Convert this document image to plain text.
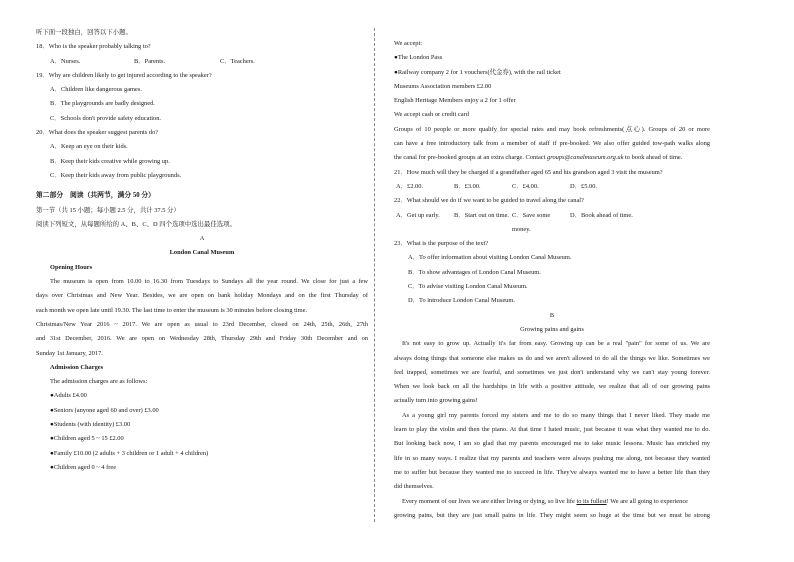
听下面一段独白，回答以下小题。
18．Who is the speaker probably talking to?
A．Nurses.	B．Parents.	C．Teachers.
19．Why are children likely to get injured according to the speaker?
A．Children like dangerous games.
B．The playgrounds are badly designed.
C．Schools don't provide safety education.
20．What does the speaker suggest parents do?
A．Keep an eye on their kids.
B．Keep their kids creative while growing up.
C．Keep their kids away from public playgrounds.
第二部分　阅读（共两节，满分 50 分）
第一节（共 15 小题；每小题 2.5 分，共计 37.5 分）
阅读下列短文，从每题所给的 A、B、C、D 四个选项中选出最佳选项。
A
London Canal Museum
Opening Hours
The museum is open from 10.00 to 16.30 from Tuesdays to Sundays all the year round. We close for just a few
days over Christmas and New Year. Besides, we are open on bank holiday Mondays and on the first Thursday of
each month we open late until 19.30. The last time to enter the museum is 30 minutes before closing time.
Christmas/New Year 2016 ~ 2017. We are open as usual to 23rd December, closed on 24th, 25th, 26th, 27th
and 31st December, 2016. We are open on Wednesday 28th, Thursday 29th and Friday 30th December and on
Sunday 1st January, 2017.
Admission Charges
The admission charges are as follows:
●Adults £4.00
●Seniors (anyone aged 60 and over) £3.00
●Students (with identity) £3.00
●Children aged 5 ~ 15 £2.00
●Family £10.00 (2 adults + 3 children or 1 adult + 4 children)
●Children aged 0 ~ 4 free
We accept:
●The London Pass
●Railway company 2 for 1 vouchers(代金券), with the rail ticket
Museums Association members £2.00
English Heritage Members enjoy a 2 for 1 offer
We accept cash or credit card
Groups of 10 people or more qualify for special rates and may book refreshments(点心). Groups of 20 or more
can have a free introductory talk from a member of staff if pre-booked. We also offer guided tow-path walks along
the canal for pre-booked groups at an extra charge. Contact groups@canalmuseum.org.uk to book ahead of time.
21．How much will they be charged if a grandfather aged 65 and his grandson aged 3 visit the museum?
A．£2.00.	B．£3.00.	C．£4.00.	D．£5.00.
22．What should we do if we want to be guided to travel along the canal?
A．Get up early.	B．Start out on time. C．Save some money.
D．Book ahead of time.
23．What is the purpose of the text?
A．To offer information about visiting London Canal Museum.
B．To show advantages of London Canal Museum.
C．To advise visiting London Canal Museum.
D．To introduce London Canal Museum.
B
Growing pains and gains
It's not easy to grow up. Actually it's far from easy. Growing up can be a real "pain" for some of us. We are
always doing things that someone else makes us do and we aren't allowed to do all the things we like. Sometimes we
feel trapped, sometimes we are fearful, and sometimes we just don't understand why we can't stay young forever.
When we look back on all the hardships in life with a positive attitude, we realize that all of our growing pains
actually turn into growing gains!
As a young girl my parents forced my sisters and me to do so many things that I never liked. They made me
learn to play the violin and then the piano. At that time I hated music, just because it was what they wanted me to do.
But looking back now, I am so glad that my parents encouraged me to take music lessons. Music has enriched my
life in so many ways. I realize that my parents and teachers were always pushing me along, not because they wanted
me to suffer but because they wanted me to succeed in life. They've always wanted me to have a better life than they
did themselves.
Every moment of our lives we are either living or dying, so live life to its fullest! We are all going to experience
growing pains, but they are just small pains in life. They might seem so huge at the time but we must be strong
